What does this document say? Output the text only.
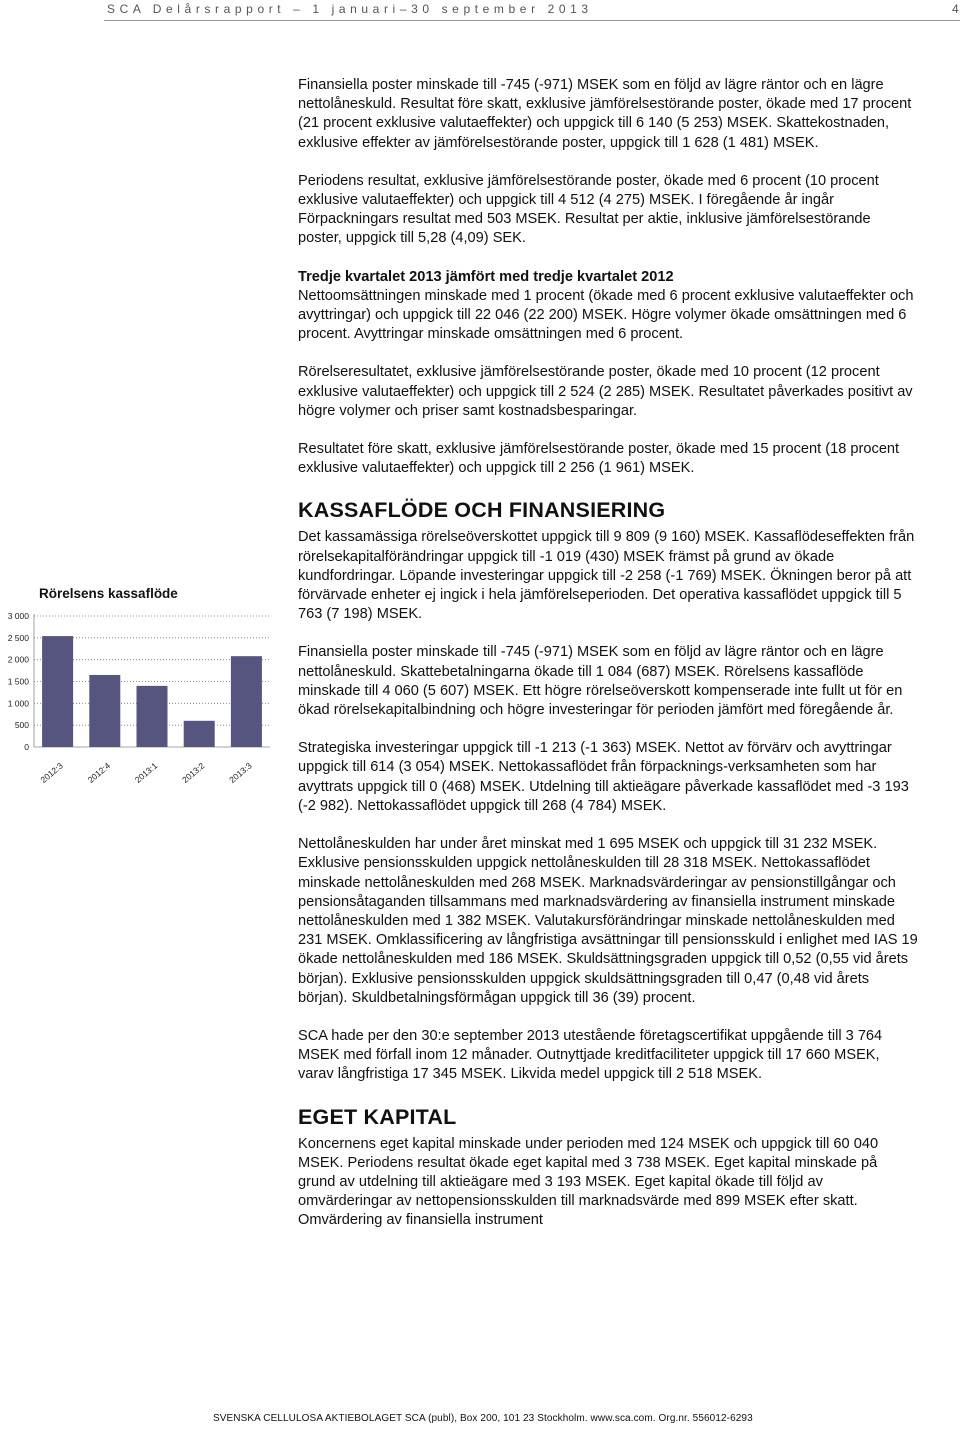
SCA Delårsrapport – 1 januari–30 september 2013	4

Finansiella poster minskade till -745 (-971) MSEK som en följd av lägre räntor och en lägre nettolåneskuld. Resultat före skatt, exklusive jämförelsestörande poster, ökade med 17 procent (21 procent exklusive valutaeffekter) och uppgick till 6 140 (5 253) MSEK. Skattekostnaden, exklusive effekter av jämförelsestörande poster, uppgick till 1 628 (1 481) MSEK.

Periodens resultat, exklusive jämförelsestörande poster, ökade med 6 procent (10 procent exklusive valutaeffekter) och uppgick till 4 512 (4 275) MSEK. I föregående år ingår Förpackningars resultat med 503 MSEK. Resultat per aktie, inklusive jämförelsestörande poster, uppgick till 5,28 (4,09) SEK.

Tredje kvartalet 2013 jämfört med tredje kvartalet 2012

Nettoomsättningen minskade med 1 procent (ökade med 6 procent exklusive valutaeffekter och avyttringar) och uppgick till 22 046 (22 200) MSEK. Högre volymer ökade omsättningen med 6 procent. Avyttringar minskade omsättningen med 6 procent.

Rörelseresultatet, exklusive jämförelsestörande poster, ökade med 10 procent (12 procent exklusive valutaeffekter) och uppgick till 2 524 (2 285) MSEK. Resultatet påverkades positivt av högre volymer och priser samt kostnadsbesparingar.

Resultatet före skatt, exklusive jämförelsestörande poster, ökade med 15 procent (18 procent exklusive valutaeffekter) och uppgick till 2 256 (1 961) MSEK.

KASSAFLÖDE OCH FINANSIERING

Det kassamässiga rörelseöverskottet uppgick till 9 809 (9 160) MSEK. Kassaflödeseffekten från rörelsekapitalförändringar uppgick till -1 019 (430) MSEK främst på grund av ökade kundfordringar. Löpande investeringar uppgick till -2 258 (-1 769) MSEK. Ökningen beror på att förvärvade enheter ej ingick i hela jämförelseperioden. Det operativa kassaflödet uppgick till 5 763 (7 198) MSEK.

Finansiella poster minskade till -745 (-971) MSEK som en följd av lägre räntor och en lägre nettolåneskuld. Skattebetalningarna ökade till 1 084 (687) MSEK. Rörelsens kassaflöde minskade till 4 060 (5 607) MSEK. Ett högre rörelseöverskott kompenserade inte fullt ut för en ökad rörelsekapitalbindning och högre investeringar för perioden jämfört med föregående år.

Strategiska investeringar uppgick till -1 213 (-1 363) MSEK. Nettot av förvärv och avyttringar uppgick till 614 (3 054) MSEK. Nettokassaflödet från förpacknings-verksamheten som har avyttrats uppgick till 0 (468) MSEK. Utdelning till aktieägare påverkade kassaflödet med -3 193 (-2 982). Nettokassaflödet uppgick till 268 (4 784) MSEK.

Nettolåneskulden har under året minskat med 1 695 MSEK och uppgick till 31 232 MSEK. Exklusive pensionsskulden uppgick nettolåneskulden till 28 318 MSEK. Nettokassaflödet minskade nettolåneskulden med 268 MSEK. Marknadsvärderingar av pensionstillgångar och pensionsåtaganden tillsammans med marknadsvärdering av finansiella instrument minskade nettolåneskulden med 1 382 MSEK. Valutakursförändringar minskade nettolåneskulden med 231 MSEK. Omklassificering av långfristiga avsättningar till pensionsskuld i enlighet med IAS 19 ökade nettolåneskulden med 186 MSEK. Skuldsättningsgraden uppgick till 0,52 (0,55 vid årets början). Exklusive pensionsskulden uppgick skuldsättningsgraden till 0,47 (0,48 vid årets början). Skuldbetalningsförmågan uppgick till 36 (39) procent.

SCA hade per den 30:e september 2013 utestående företagscertifikat uppgående till 3 764 MSEK med förfall inom 12 månader. Outnyttjade kreditfaciliteter uppgick till 17 660 MSEK, varav långfristiga 17 345 MSEK. Likvida medel uppgick till 2 518 MSEK.

EGET KAPITAL

Koncernens eget kapital minskade under perioden med 124 MSEK och uppgick till 60 040 MSEK. Periodens resultat ökade eget kapital med 3 738 MSEK. Eget kapital minskade på grund av utdelning till aktieägare med 3 193 MSEK. Eget kapital ökade till följd av omvärderingar av nettopensionsskulden till marknadsvärde med 899 MSEK efter skatt. Omvärdering av finansiella instrument

Rörelsens kassaflöde
0
500
1 000
1 500
2 000
2 500
3 000
2012:3 2012:4 2013:1 2013:2 2013:3
SVENSKA CELLULOSA AKTIEBOLAGET SCA (publ), Box 200, 101 23 Stockholm. www.sca.com. Org.nr. 556012-6293
